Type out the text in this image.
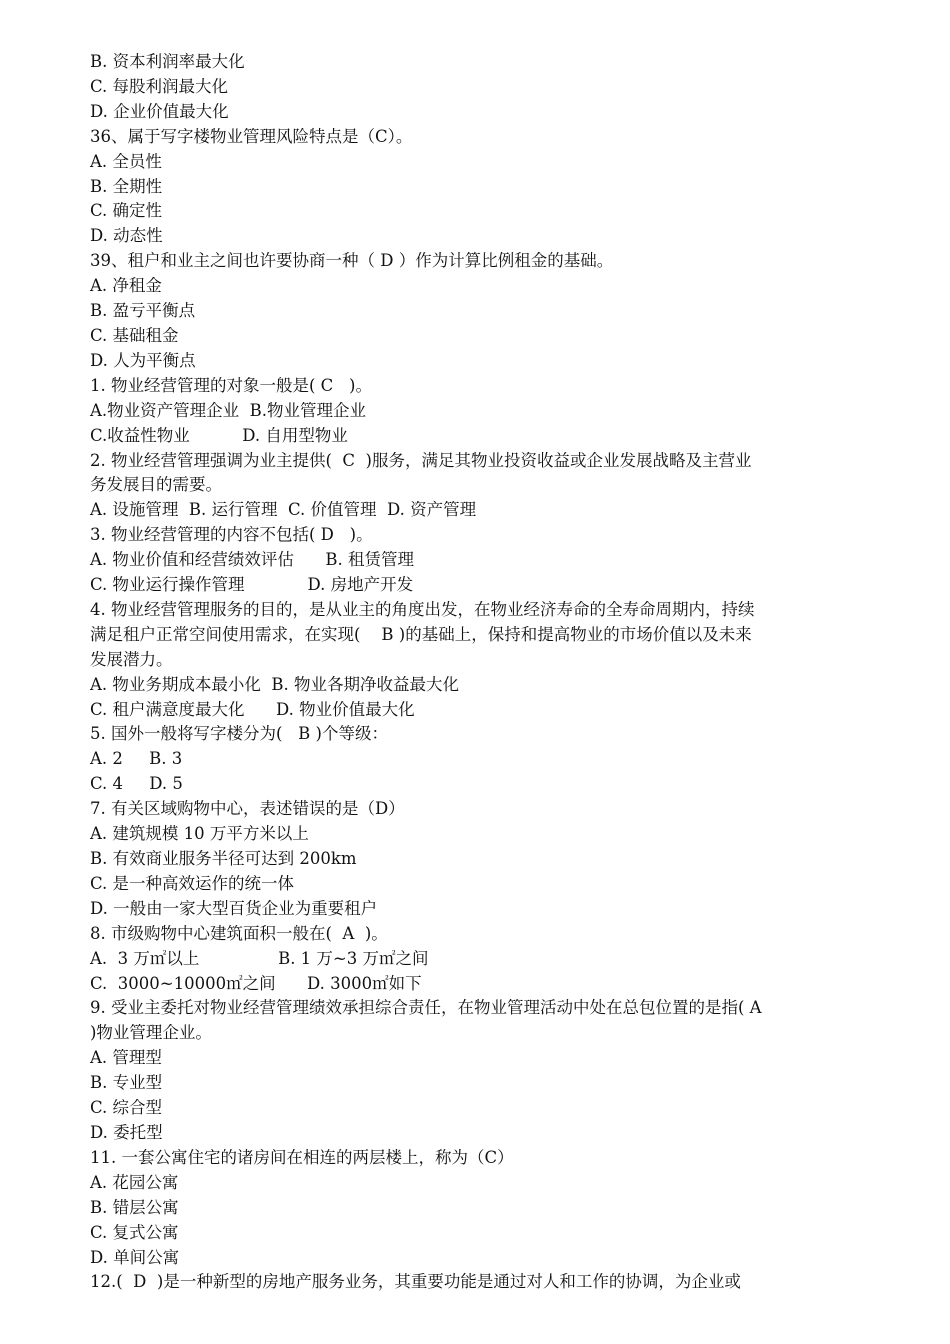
B. 资本利润率最大化

C. 每股利润最大化

D. 企业价值最大化

36、属于写字楼物业管理风险特点是（C）。

A. 全员性

B. 全期性

C. 确定性

D. 动态性

39、租户和业主之间也许要协商一种（ D ）作为计算比例租金的基础。

A. 净租金

B. 盈亏平衡点

C. 基础租金

D. 人为平衡点

1. 物业经营管理的对象一般是( C   )。

A.物业资产管理企业  B.物业管理企业

C.收益性物业          D. 自用型物业

2. 物业经营管理强调为业主提供(  C  )服务，满足其物业投资收益或企业发展战略及主营业

务发展目的需要。

A. 设施管理  B. 运行管理  C. 价值管理  D. 资产管理

3. 物业经营管理的内容不包括( D   )。

A. 物业价值和经营绩效评估      B. 租赁管理

C. 物业运行操作管理            D. 房地产开发

4. 物业经营管理服务的目的，是从业主的角度出发，在物业经济寿命的全寿命周期内，持续

满足租户正常空间使用需求，在实现(    B )的基础上，保持和提高物业的市场价值以及未来

发展潜力。

A. 物业务期成本最小化  B. 物业各期净收益最大化

C. 租户满意度最大化      D. 物业价值最大化

5. 国外一般将写字楼分为(   B )个等级：

A. 2     B. 3

C. 4     D. 5

7. 有关区域购物中心，表述错误的是（D）

A. 建筑规模 10 万平方米以上

B. 有效商业服务半径可达到 200km

C. 是一种高效运作的统一体

D. 一般由一家大型百货企业为重要租户

8. 市级购物中心建筑面积一般在(  A  )。

A.  3 万㎡以上               B. 1 万~3 万㎡之间

C.  3000~10000㎡之间      D. 3000㎡如下

9. 受业主委托对物业经营管理绩效承担综合责任，在物业管理活动中处在总包位置的是指( A

)物业管理企业。

A. 管理型

B. 专业型

C. 综合型

D. 委托型

11. 一套公寓住宅的诸房间在相连的两层楼上，称为（C）

A. 花园公寓

B. 错层公寓

C. 复式公寓

D. 单间公寓

12.(  D  )是一种新型的房地产服务业务，其重要功能是通过对人和工作的协调，为企业或
